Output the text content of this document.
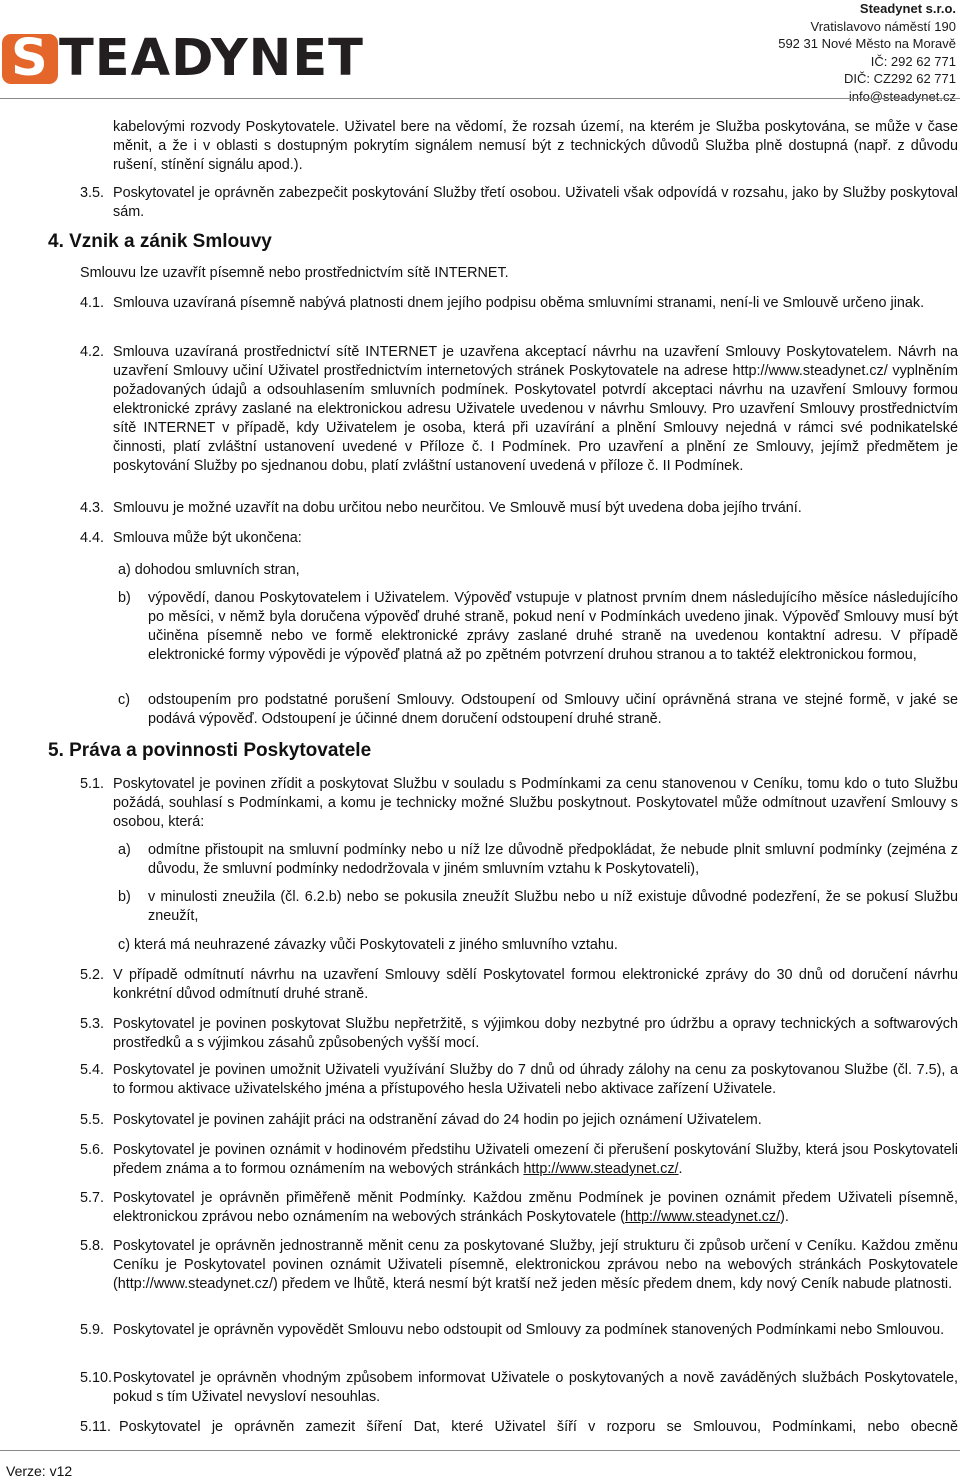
S TEADYNET
Steadynet s.r.o.
Vratislavovo náměstí 190
592 31 Nové Město na Moravě
IČ: 292 62 771
DIČ: CZ292 62 771
info@steadynet.cz
kabelovými rozvody Poskytovatele. Uživatel bere na vědomí, že rozsah území, na kterém je Služba poskytována, se může v čase měnit, a že i v oblasti s dostupným pokrytím signálem nemusí být z technických důvodů Služba plně dostupná (např. z důvodu rušení, stínění signálu apod.).
3.5. Poskytovatel je oprávněn zabezpečit poskytování Služby třetí osobou. Uživateli však odpovídá v rozsahu, jako by Služby poskytoval sám.
4. Vznik a zánik Smlouvy
Smlouvu lze uzavřít písemně nebo prostřednictvím sítě INTERNET.
4.1. Smlouva uzavíraná písemně nabývá platnosti dnem jejího podpisu oběma smluvními stranami, není-li ve Smlouvě určeno jinak.
4.2. Smlouva uzavíraná prostřednictví sítě INTERNET je uzavřena akceptací návrhu na uzavření Smlouvy Poskytovatelem. Návrh na uzavření Smlouvy učiní Uživatel prostřednictvím internetových stránek Poskytovatele na adrese http://www.steadynet.cz/ vyplněním požadovaných údajů a odsouhlasením smluvních podmínek. Poskytovatel potvrdí akceptaci návrhu na uzavření Smlouvy formou elektronické zprávy zaslané na elektronickou adresu Uživatele uvedenou v návrhu Smlouvy. Pro uzavření Smlouvy prostřednictvím sítě INTERNET v případě, kdy Uživatelem je osoba, která při uzavírání a plnění Smlouvy nejedná v rámci své podnikatelské činnosti, platí zvláštní ustanovení uvedené v Příloze č. I Podmínek. Pro uzavření a plnění ze Smlouvy, jejímž předmětem je poskytování Služby po sjednanou dobu, platí zvláštní ustanovení uvedená v příloze č. II Podmínek.
4.3. Smlouvu je možné uzavřít na dobu určitou nebo neurčitou. Ve Smlouvě musí být uvedena doba jejího trvání.
4.4. Smlouva může být ukončena:
a) dohodou smluvních stran,
b) výpovědí, danou Poskytovatelem i Uživatelem. Výpověď vstupuje v platnost prvním dnem následujícího měsíce následujícího po měsíci, v němž byla doručena výpověď druhé straně, pokud není v Podmínkách uvedeno jinak. Výpověď Smlouvy musí být učiněna písemně nebo ve formě elektronické zprávy zaslané druhé straně na uvedenou kontaktní adresu. V případě elektronické formy výpovědi je výpověď platná až po zpětném potvrzení druhou stranou a to taktéž elektronickou formou,
c) odstoupením pro podstatné porušení Smlouvy. Odstoupení od Smlouvy učiní oprávněná strana ve stejné formě, v jaké se podává výpověď. Odstoupení je účinné dnem doručení odstoupení druhé straně.
5. Práva a povinnosti Poskytovatele
5.1. Poskytovatel je povinen zřídit a poskytovat Službu v souladu s Podmínkami za cenu stanovenou v Ceníku, tomu kdo o tuto Službu požádá, souhlasí s Podmínkami, a komu je technicky možné Službu poskytnout. Poskytovatel může odmítnout uzavření Smlouvy s osobou, která:
a) odmítne přistoupit na smluvní podmínky nebo u níž lze důvodně předpokládat, že nebude plnit smluvní podmínky (zejména z důvodu, že smluvní podmínky nedodržovala v jiném smluvním vztahu k Poskytovateli),
b) v minulosti zneužila (čl. 6.2.b) nebo se pokusila zneužít Službu nebo u níž existuje důvodné podezření, že se pokusí Službu zneužít,
c) která má neuhrazené závazky vůči Poskytovateli z jiného smluvního vztahu.
5.2. V případě odmítnutí návrhu na uzavření Smlouvy sdělí Poskytovatel formou elektronické zprávy do 30 dnů od doručení návrhu konkrétní důvod odmítnutí druhé straně.
5.3. Poskytovatel je povinen poskytovat Službu nepřetržitě, s výjimkou doby nezbytné pro údržbu a opravy technických a softwarových prostředků a s výjimkou zásahů způsobených vyšší mocí.
5.4. Poskytovatel je povinen umožnit Uživateli využívání Služby do 7 dnů od úhrady zálohy na cenu za poskytovanou Službe (čl. 7.5), a to formou aktivace uživatelského jména a přístupového hesla Uživateli nebo aktivace zařízení Uživatele.
5.5. Poskytovatel je povinen zahájit práci na odstranění závad do 24 hodin po jejich oznámení Uživatelem.
5.6. Poskytovatel je povinen oznámit v hodinovém předstihu Uživateli omezení či přerušení poskytování Služby, která jsou Poskytovateli předem známa a to formou oznámením na webových stránkách http://www.steadynet.cz/.
5.7. Poskytovatel je oprávněn přiměřeně měnit Podmínky. Každou změnu Podmínek je povinen oznámit předem Uživateli písemně, elektronickou zprávou nebo oznámením na webových stránkách Poskytovatele (http://www.steadynet.cz/).
5.8. Poskytovatel je oprávněn jednostranně měnit cenu za poskytované Služby, její strukturu či způsob určení v Ceníku. Každou změnu Ceníku je Poskytovatel povinen oznámit Uživateli písemně, elektronickou zprávou nebo na webových stránkách Poskytovatele (http://www.steadynet.cz/) předem ve lhůtě, která nesmí být kratší než jeden měsíc předem dnem, kdy nový Ceník nabude platnosti.
5.9. Poskytovatel je oprávněn vypovědět Smlouvu nebo odstoupit od Smlouvy za podmínek stanovených Podmínkami nebo Smlouvou.
5.10. Poskytovatel je oprávněn vhodným způsobem informovat Uživatele o poskytovaných a nově zaváděných službách Poskytovatele, pokud s tím Uživatel nevysloví nesouhlas.
5.11. Poskytovatel je oprávněn zamezit šíření Dat, které Uživatel šíří v rozporu se Smlouvou, Podmínkami, nebo obecně
Verze: v12
